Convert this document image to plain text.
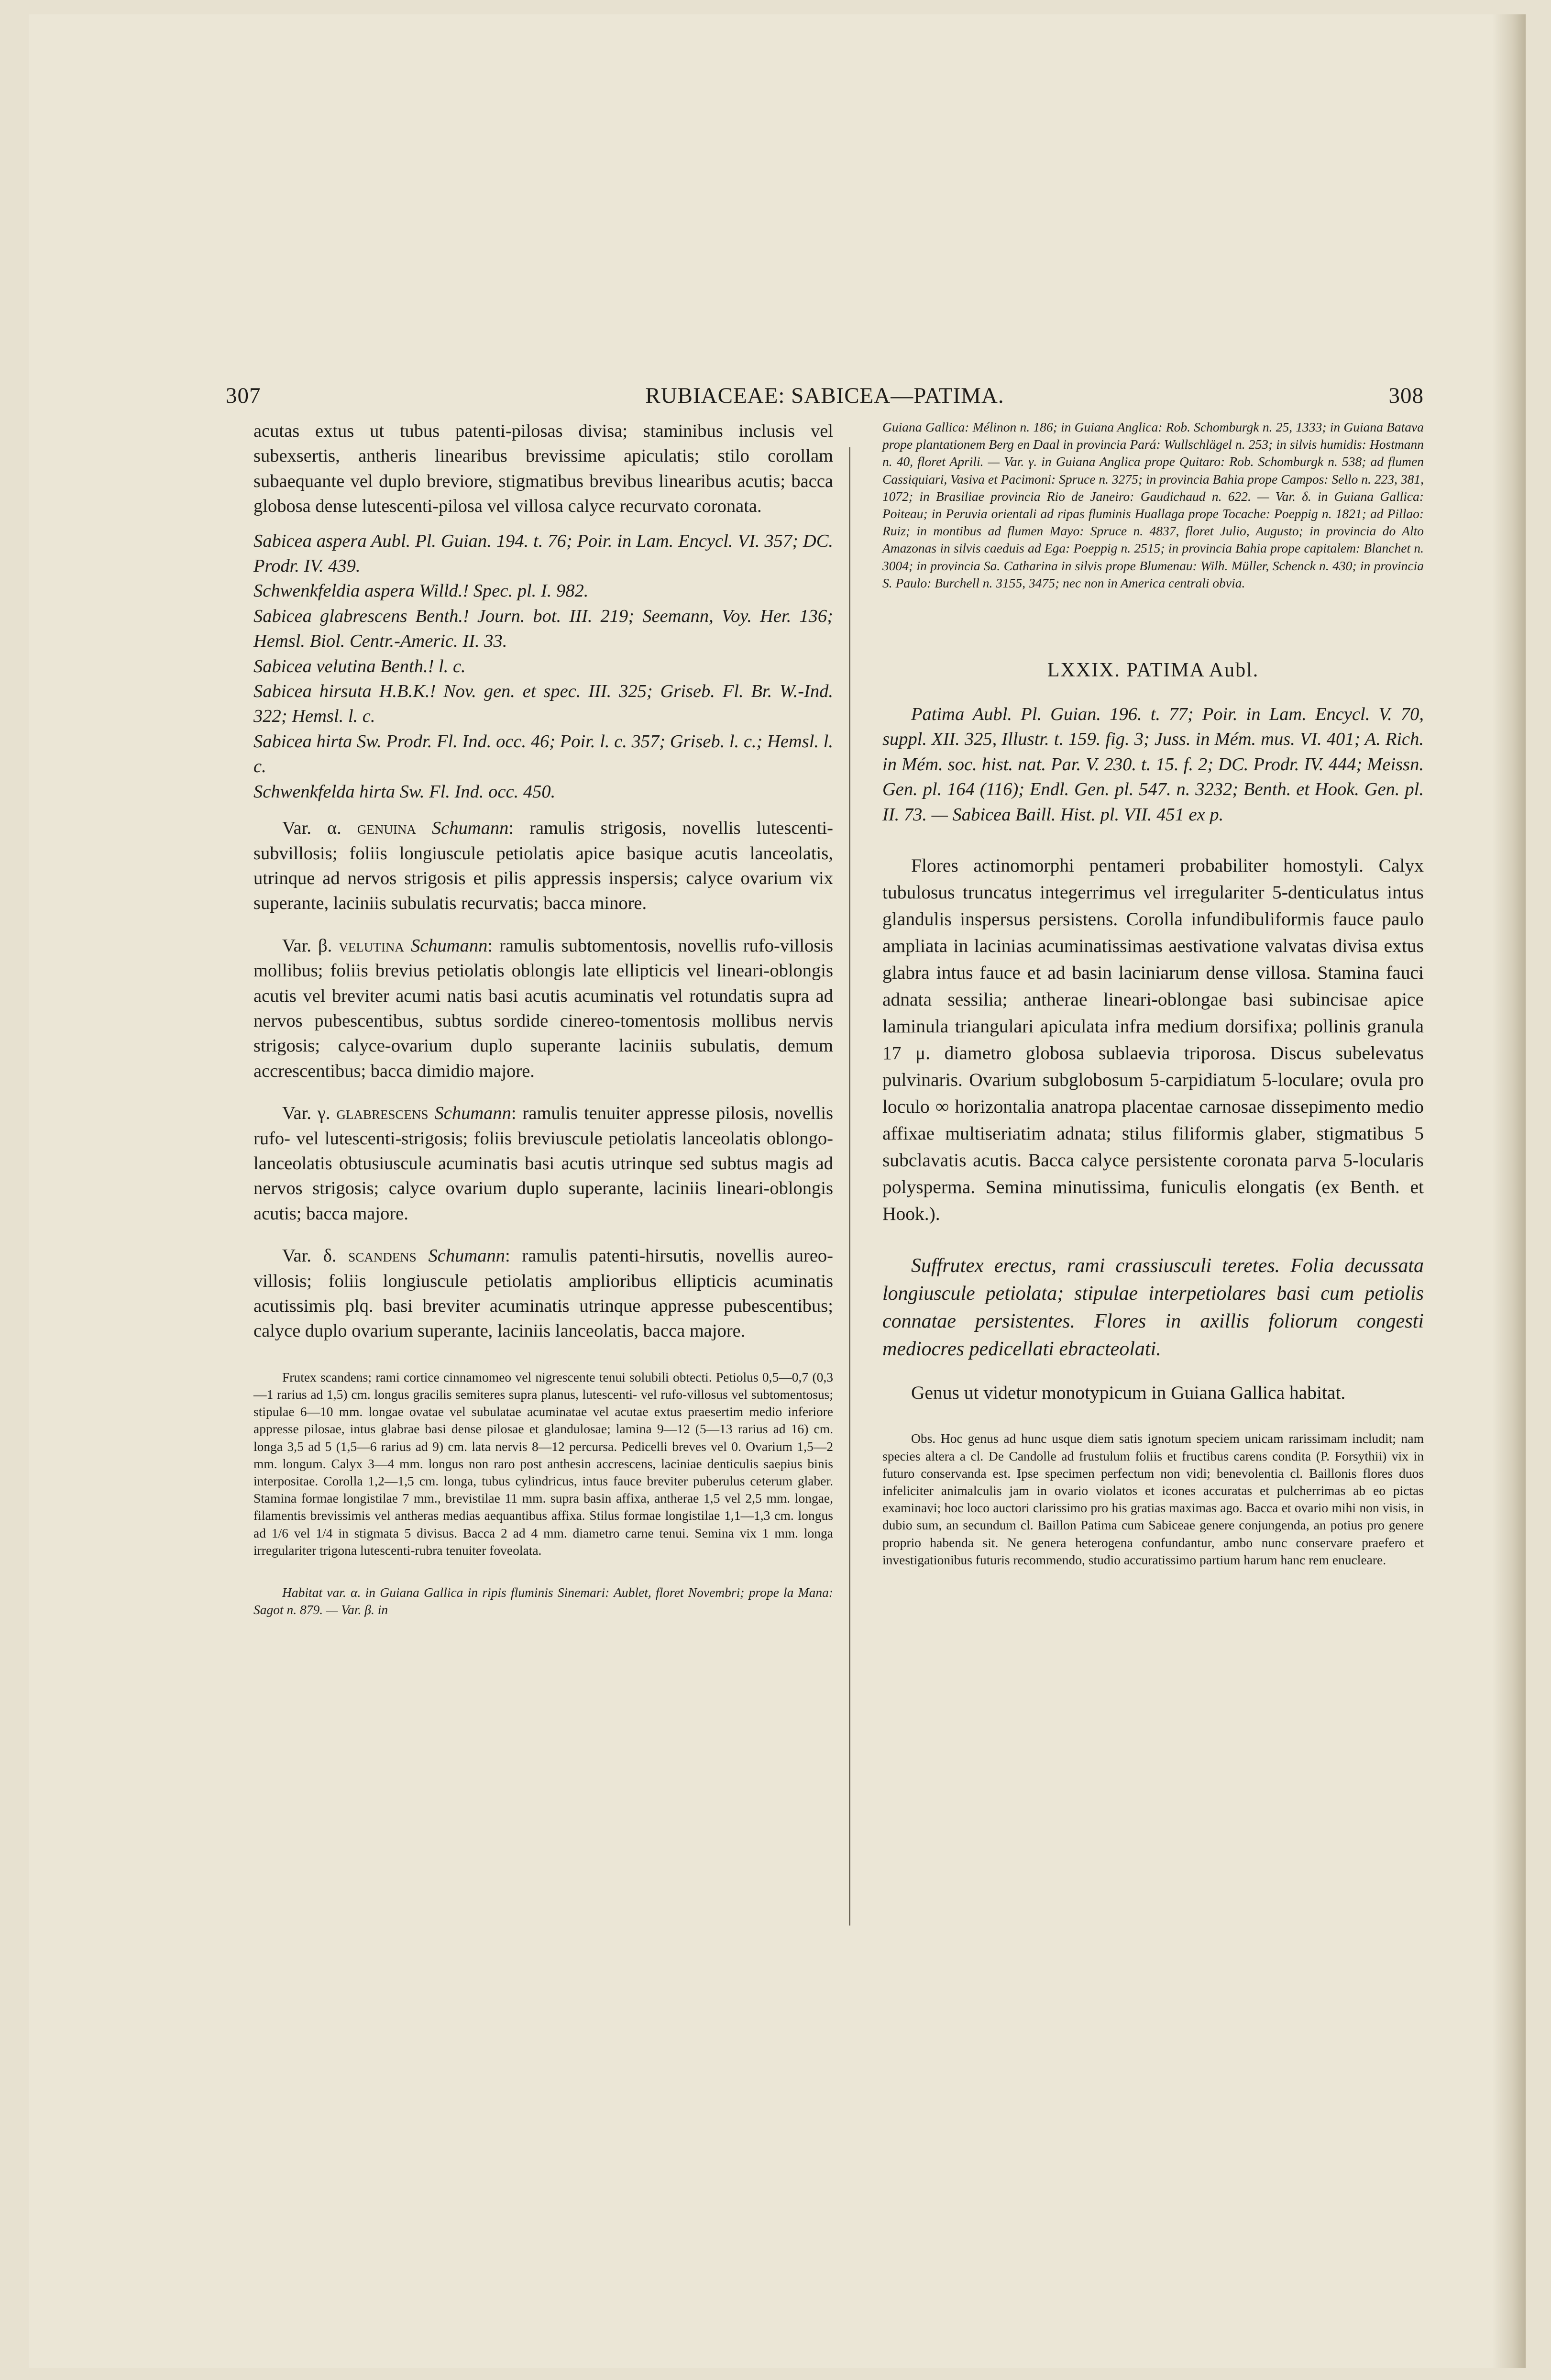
307	RUBIACEAE: SABICEA—PATIMA.	308

acutas extus ut tubus patenti-pilosas divisa; staminibus inclusis vel subexsertis, antheris linearibus brevissime apiculatis; stilo corollam subaequante vel duplo breviore, stigmatibus brevibus linearibus acutis; bacca globosa dense lutescenti-pilosa vel villosa calyce recurvato coronata.

Sabicea aspera Aubl. Pl. Guian. 194. t. 76; Poir. in Lam. Encycl. VI. 357; DC. Prodr. IV. 439.

Schwenkfeldia aspera Willd.! Spec. pl. I. 982.

Sabicea glabrescens Benth.! Journ. bot. III. 219; Seemann, Voy. Her. 136; Hemsl. Biol. Centr.-Americ. II. 33.

Sabicea velutina Benth.! l. c.

Sabicea hirsuta H.B.K.! Nov. gen. et spec. III. 325; Griseb. Fl. Br. W.-Ind. 322; Hemsl. l. c.

Sabicea hirta Sw. Prodr. Fl. Ind. occ. 46; Poir. l. c. 357; Griseb. l. c.; Hemsl. l. c.

Schwenkfelda hirta Sw. Fl. Ind. occ. 450.

Var. α. genuina Schumann: ramulis strigosis, novellis lutescenti-subvillosis; foliis longiuscule petiolatis apice basique acutis lanceolatis, utrinque ad nervos strigosis et pilis appressis inspersis; calyce ovarium vix superante, laciniis subulatis recurvatis; bacca minore.

Var. β. velutina Schumann: ramulis subtomentosis, novellis rufo-villosis mollibus; foliis brevius petiolatis oblongis late ellipticis vel lineari-oblongis acutis vel breviter acumi natis basi acutis acuminatis vel rotundatis supra ad nervos pubescentibus, subtus sordide cinereo-tomentosis mollibus nervis strigosis; calyce-ovarium duplo superante laciniis subulatis, demum accrescentibus; bacca dimidio majore.

Var. γ. glabrescens Schumann: ramulis tenuiter appresse pilosis, novellis rufo- vel lutescenti-strigosis; foliis breviuscule petiolatis lanceolatis oblongo-lanceolatis obtusiuscule acuminatis basi acutis utrinque sed subtus magis ad nervos strigosis; calyce ovarium duplo superante, laciniis lineari-oblongis acutis; bacca majore.

Var. δ. scandens Schumann: ramulis patenti-hirsutis, novellis aureo-villosis; foliis longiuscule petiolatis amplioribus ellipticis acuminatis acutissimis plq. basi breviter acuminatis utrinque appresse pubescentibus; calyce duplo ovarium superante, laciniis lanceolatis, bacca majore.

Frutex scandens; rami cortice cinnamomeo vel nigrescente tenui solubili obtecti. Petiolus 0,5—0,7 (0,3—1 rarius ad 1,5) cm. longus gracilis semiteres supra planus, lutescenti- vel rufo-villosus vel subtomentosus; stipulae 6—10 mm. longae ovatae vel subulatae acuminatae vel acutae extus praesertim medio inferiore appresse pilosae, intus glabrae basi dense pilosae et glandulosae; lamina 9—12 (5—13 rarius ad 16) cm. longa 3,5 ad 5 (1,5—6 rarius ad 9) cm. lata nervis 8—12 percursa. Pedicelli breves vel 0. Ovarium 1,5—2 mm. longum. Calyx 3—4 mm. longus non raro post anthesin accrescens, laciniae denticulis saepius binis interpositae. Corolla 1,2—1,5 cm. longa, tubus cylindricus, intus fauce breviter puberulus ceterum glaber. Stamina formae longistilae 7 mm., brevistilae 11 mm. supra basin affixa, antherae 1,5 vel 2,5 mm. longae, filamentis brevissimis vel antheras medias aequantibus affixa. Stilus formae longistilae 1,1—1,3 cm. longus ad 1/6 vel 1/4 in stigmata 5 divisus. Bacca 2 ad 4 mm. diametro carne tenui. Semina vix 1 mm. longa irregulariter trigona lutescenti-rubra tenuiter foveolata.

Habitat var. α. in Guiana Gallica in ripis fluminis Sinemari: Aublet, floret Novembri; prope la Mana: Sagot n. 879. — Var. β. in

Guiana Gallica: Mélinon n. 186; in Guiana Anglica: Rob. Schomburgk n. 25, 1333; in Guiana Batava prope plantationem Berg en Daal in provincia Pará: Wullschlägel n. 253; in silvis humidis: Hostmann n. 40, floret Aprili. — Var. γ. in Guiana Anglica prope Quitaro: Rob. Schomburgk n. 538; ad flumen Cassiquiari, Vasiva et Pacimoni: Spruce n. 3275; in provincia Bahia prope Campos: Sello n. 223, 381, 1072; in Brasiliae provincia Rio de Janeiro: Gaudichaud n. 622. — Var. δ. in Guiana Gallica: Poiteau; in Peruvia orientali ad ripas fluminis Huallaga prope Tocache: Poeppig n. 1821; ad Pillao: Ruiz; in montibus ad flumen Mayo: Spruce n. 4837, floret Julio, Augusto; in provincia do Alto Amazonas in silvis caeduis ad Ega: Poeppig n. 2515; in provincia Bahia prope capitalem: Blanchet n. 3004; in provincia Sa. Catharina in silvis prope Blumenau: Wilh. Müller, Schenck n. 430; in provincia S. Paulo: Burchell n. 3155, 3475; nec non in America centrali obvia.

LXXIX. PATIMA Aubl.

Patima Aubl. Pl. Guian. 196. t. 77; Poir. in Lam. Encycl. V. 70, suppl. XII. 325, Illustr. t. 159. fig. 3; Juss. in Mém. mus. VI. 401; A. Rich. in Mém. soc. hist. nat. Par. V. 230. t. 15. f. 2; DC. Prodr. IV. 444; Meissn. Gen. pl. 164 (116); Endl. Gen. pl. 547. n. 3232; Benth. et Hook. Gen. pl. II. 73. — Sabicea Baill. Hist. pl. VII. 451 ex p.

Flores actinomorphi pentameri probabiliter homostyli. Calyx tubulosus truncatus integerrimus vel irregulariter 5-denticulatus intus glandulis inspersus persistens. Corolla infundibuliformis fauce paulo ampliata in lacinias acuminatissimas aestivatione valvatas divisa extus glabra intus fauce et ad basin laciniarum dense villosa. Stamina fauci adnata sessilia; antherae lineari-oblongae basi subincisae apice laminula triangulari apiculata infra medium dorsifixa; pollinis granula 17 μ. diametro globosa sublaevia triporosa. Discus subelevatus pulvinaris. Ovarium subglobosum 5-carpidiatum 5-loculare; ovula pro loculo ∞ horizontalia anatropa placentae carnosae dissepimento medio affixae multiseriatim adnata; stilus filiformis glaber, stigmatibus 5 subclavatis acutis. Bacca calyce persistente coronata parva 5-locularis polysperma. Semina minutissima, funiculis elongatis (ex Benth. et Hook.).

Suffrutex erectus, rami crassiusculi teretes. Folia decussata longiuscule petiolata; stipulae interpetiolares basi cum petiolis connatae persistentes. Flores in axillis foliorum congesti mediocres pedicellati ebracteolati.

Genus ut videtur monotypicum in Guiana Gallica habitat.

Obs. Hoc genus ad hunc usque diem satis ignotum speciem unicam rarissimam includit; nam species altera a cl. De Candolle ad frustulum foliis et fructibus carens condita (P. Forsythii) vix in futuro conservanda est. Ipse specimen perfectum non vidi; benevolentia cl. Baillonis flores duos infeliciter animalculis jam in ovario violatos et icones accuratas et pulcherrimas ab eo pictas examinavi; hoc loco auctori clarissimo pro his gratias maximas ago. Bacca et ovario mihi non visis, in dubio sum, an secundum cl. Baillon Patima cum Sabiceae genere conjungenda, an potius pro genere proprio habenda sit. Ne genera heterogena confundantur, ambo nunc conservare praefero et investigationibus futuris recommendo, studio accuratissimo partium harum hanc rem enucleare.
